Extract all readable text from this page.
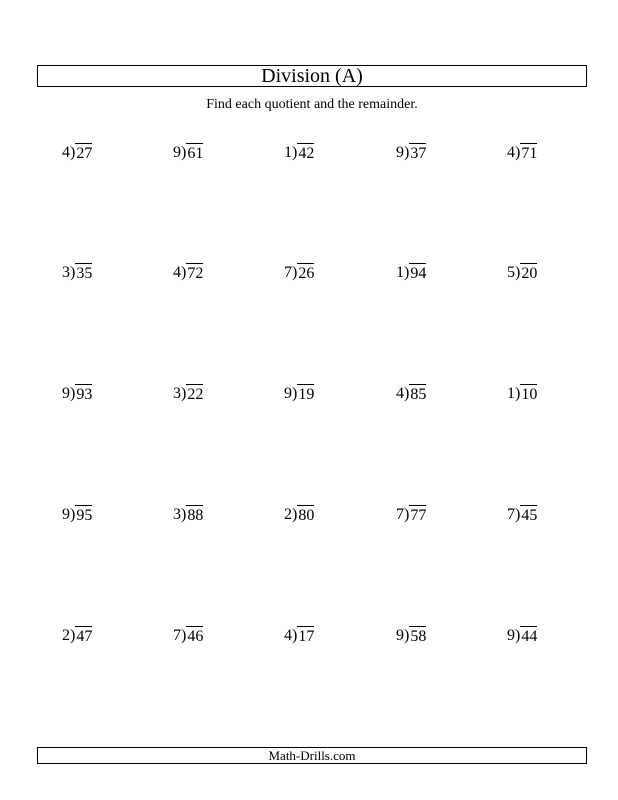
Division (A)
Find each quotient and the remainder.
4 ) 27	9 ) 61	1 ) 42	9 ) 37	4 ) 71
3 ) 35	4 ) 72	7 ) 26	1 ) 94	5 ) 20
9 ) 93	3 ) 22	9 ) 19	4 ) 85	1 ) 10
9 ) 95	3 ) 88	2 ) 80	7 ) 77	7 ) 45
2 ) 47	7 ) 46	4 ) 17	9 ) 58	9 ) 44
Math-Drills.com
